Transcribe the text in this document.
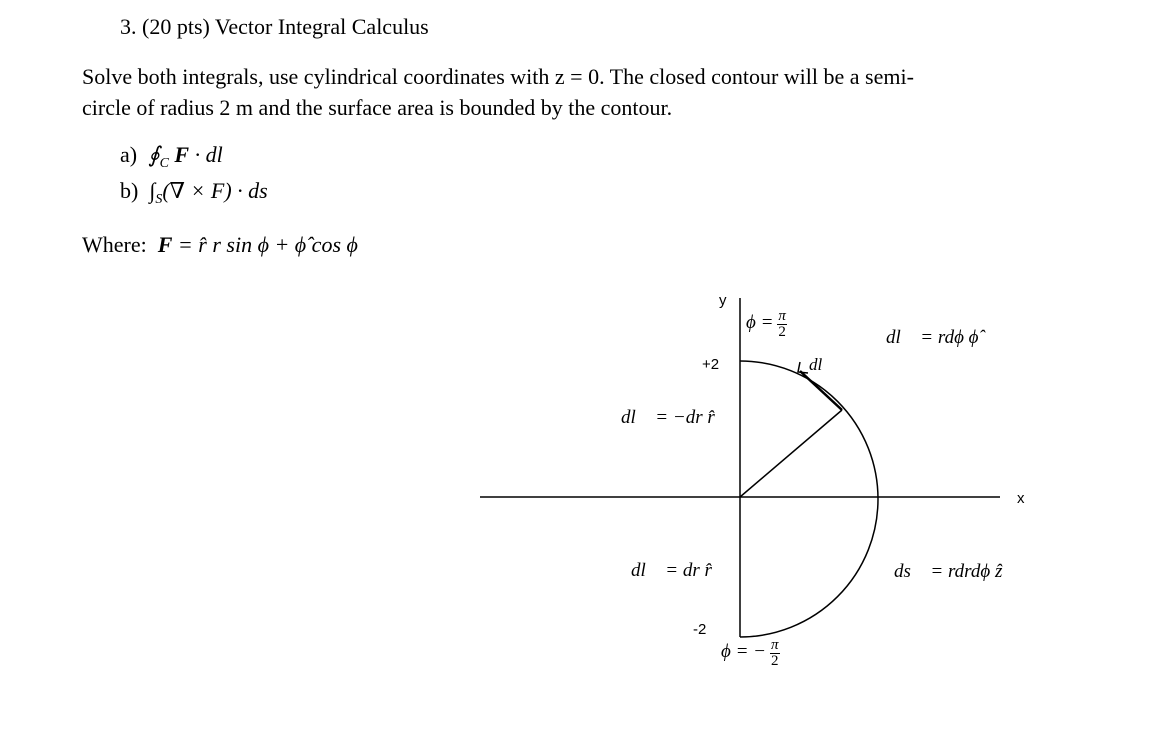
3. (20 pts) Vector Integral Calculus
Solve both integrals, use cylindrical coordinates with z = 0. The closed contour will be a semi-
circle of radius 2 m and the surface area is bounded by the contour.
a) $∮_C$ F · dl
b) $\int_S(\nabla \times F)$ · ds
Where: F = r̂ r sin ϕ + ϕ̂ cos ϕ
y
x
+2
-2
$\phi = \frac{\pi}{2}$
ϕ = − $\frac{\pi}{2}$
dl⃗
dl⃗ = rdϕ ϕ̂
dl⃗ = −dr r̂
dl⃗ = dr r̂	ds⃗ = rdrdϕ ẑ
